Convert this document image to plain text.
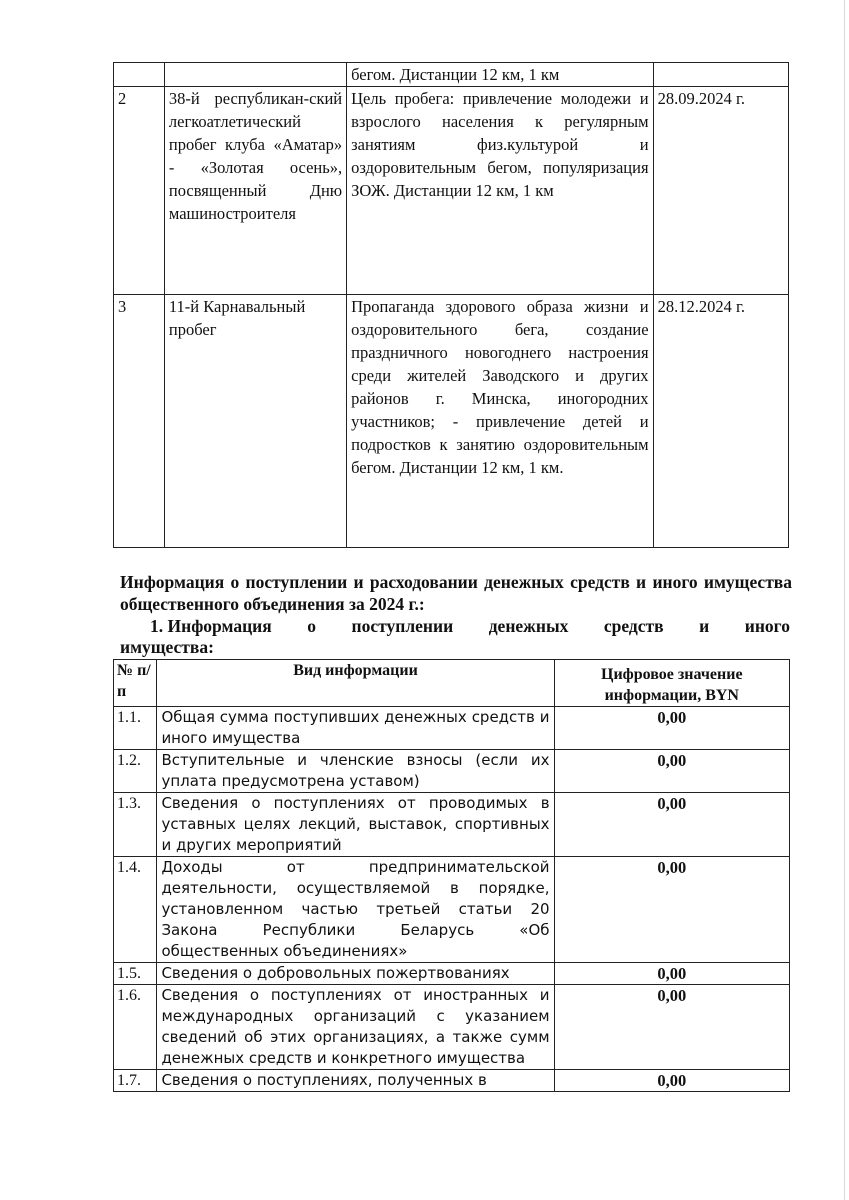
		бегом. Дистанции 12 км, 1 км	
2	38-й республикан-ский легкоатлетический пробег клуба «Аматар» - «Золотая осень», посвященный Дню машиностроителя	Цель пробега: привлечение молодежи и взрослого населения к регулярным занятиям физ.культурой и оздоровительным бегом, популяризация ЗОЖ. Дистанции 12 км, 1 км	28.09.2024 г.
3	11-й Карнавальный пробег	Пропаганда здорового образа жизни и оздоровительного бега, создание праздничного новогоднего настроения среди жителей Заводского и других районов г. Минска, иногородних участников; - привлечение детей и подростков к занятию оздоровительным бегом. Дистанции 12 км, 1 км.	28.12.2024 г.
Информация о поступлении и расходовании денежных средств и иного имущества общественного объединения за 2024 г.:
1. Информация о поступлении денежных средств и иного
имущества:
№ п/п	Вид информации	Цифровое значение информации, BYN
1.1.	Общая сумма поступивших денежных средств и иного имущества	0,00
1.2.	Вступительные и членские взносы (если их уплата предусмотрена уставом)	0,00
1.3.	Сведения о поступлениях от проводимых в уставных целях лекций, выставок, спортивных и других мероприятий	0,00
1.4.	Доходы от предпринимательской деятельности, осуществляемой в порядке, установленном частью третьей статьи 20 Закона Республики Беларусь «Об общественных объединениях»	0,00
1.5.	Сведения о добровольных пожертвованиях	0,00
1.6.	Сведения о поступлениях от иностранных и международных организаций с указанием сведений об этих организациях, а также сумм денежных средств и конкретного имущества	0,00
1.7.	Сведения о поступлениях, полученных в	0,00
